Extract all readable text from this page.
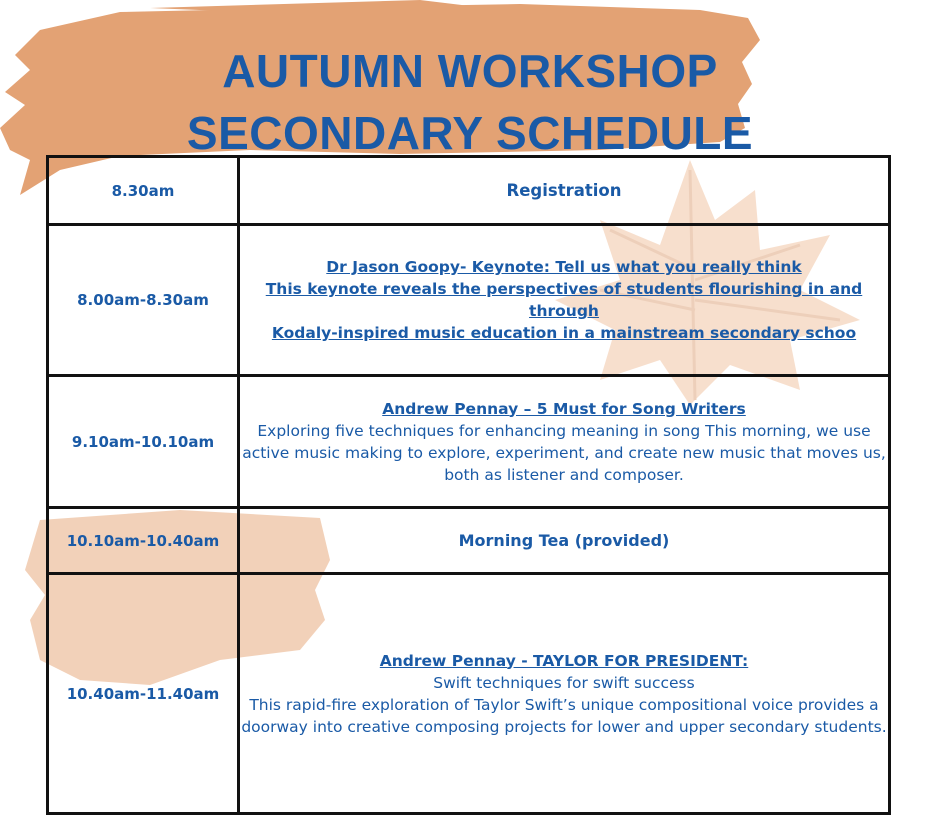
AUTUMN WORKSHOP
SECONDARY SCHEDULE
8.30am	Registration
8.00am-8.30am	Dr Jason Goopy- Keynote: Tell us what you really think
This keynote reveals the perspectives of students flourishing in and through
Kodaly-inspired music education in a mainstream secondary schoo

9.10am-10.10am	Andrew Pennay – 5 Must for Song Writers
Exploring five techniques for enhancing meaning in song This morning, we use active music making to explore, experiment, and create new music that moves us, both as listener and composer.

10.10am-10.40am	Morning Tea (provided)
10.40am-11.40am	Andrew Pennay - TAYLOR FOR PRESIDENT:
Swift techniques for swift success
This rapid-fire exploration of Taylor Swift’s unique compositional voice provides a doorway into creative composing projects for lower and upper secondary students.
